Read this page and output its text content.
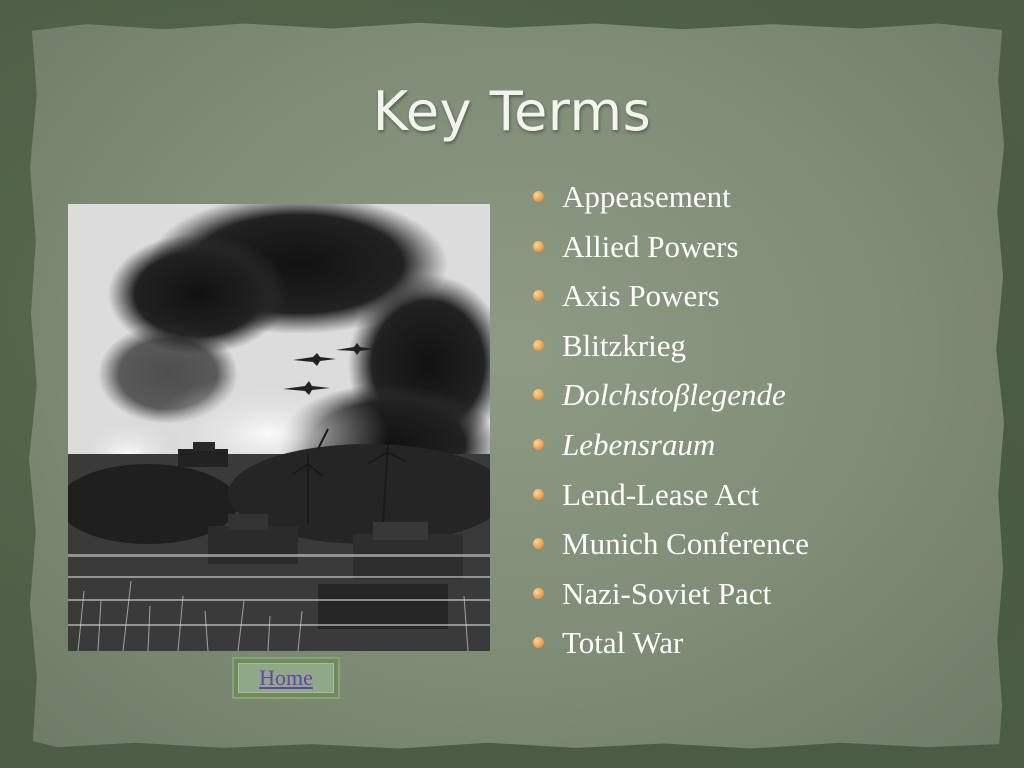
Key Terms
Home
Appeasement
Allied Powers
Axis Powers
Blitzkrieg
Dolchstoβlegende
Lebensraum
Lend-Lease Act
Munich Conference
Nazi-Soviet Pact
Total War
